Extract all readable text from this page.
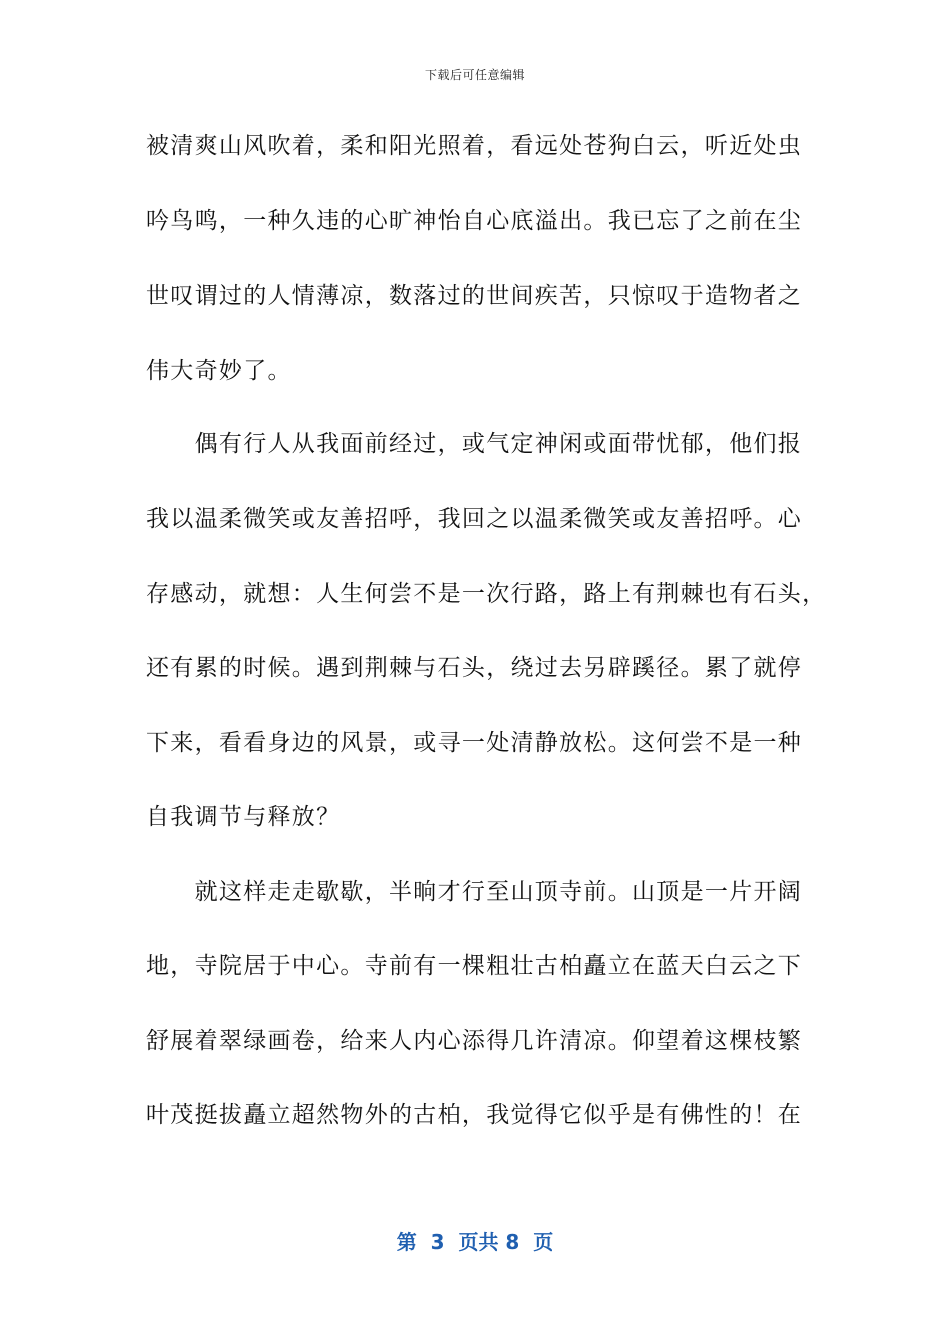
下载后可任意编辑
被清爽山风吹着，柔和阳光照着，看远处苍狗白云，听近处虫
吟鸟鸣，一种久违的心旷神怡自心底溢出。我已忘了之前在尘
世叹谓过的人情薄凉，数落过的世间疾苦，只惊叹于造物者之
伟大奇妙了。
　　偶有行人从我面前经过，或气定神闲或面带忧郁，他们报
我以温柔微笑或友善招呼，我回之以温柔微笑或友善招呼。心
存感动，就想：人生何尝不是一次行路，路上有荆棘也有石头，
还有累的时候。遇到荆棘与石头，绕过去另辟蹊径。累了就停
下来，看看身边的风景，或寻一处清静放松。这何尝不是一种
自我调节与释放？
　　就这样走走歇歇，半晌才行至山顶寺前。山顶是一片开阔
地，寺院居于中心。寺前有一棵粗壮古柏矗立在蓝天白云之下
舒展着翠绿画卷，给来人内心添得几许清凉。仰望着这棵枝繁
叶茂挺拔矗立超然物外的古柏，我觉得它似乎是有佛性的！在
第  3  页共 8  页
